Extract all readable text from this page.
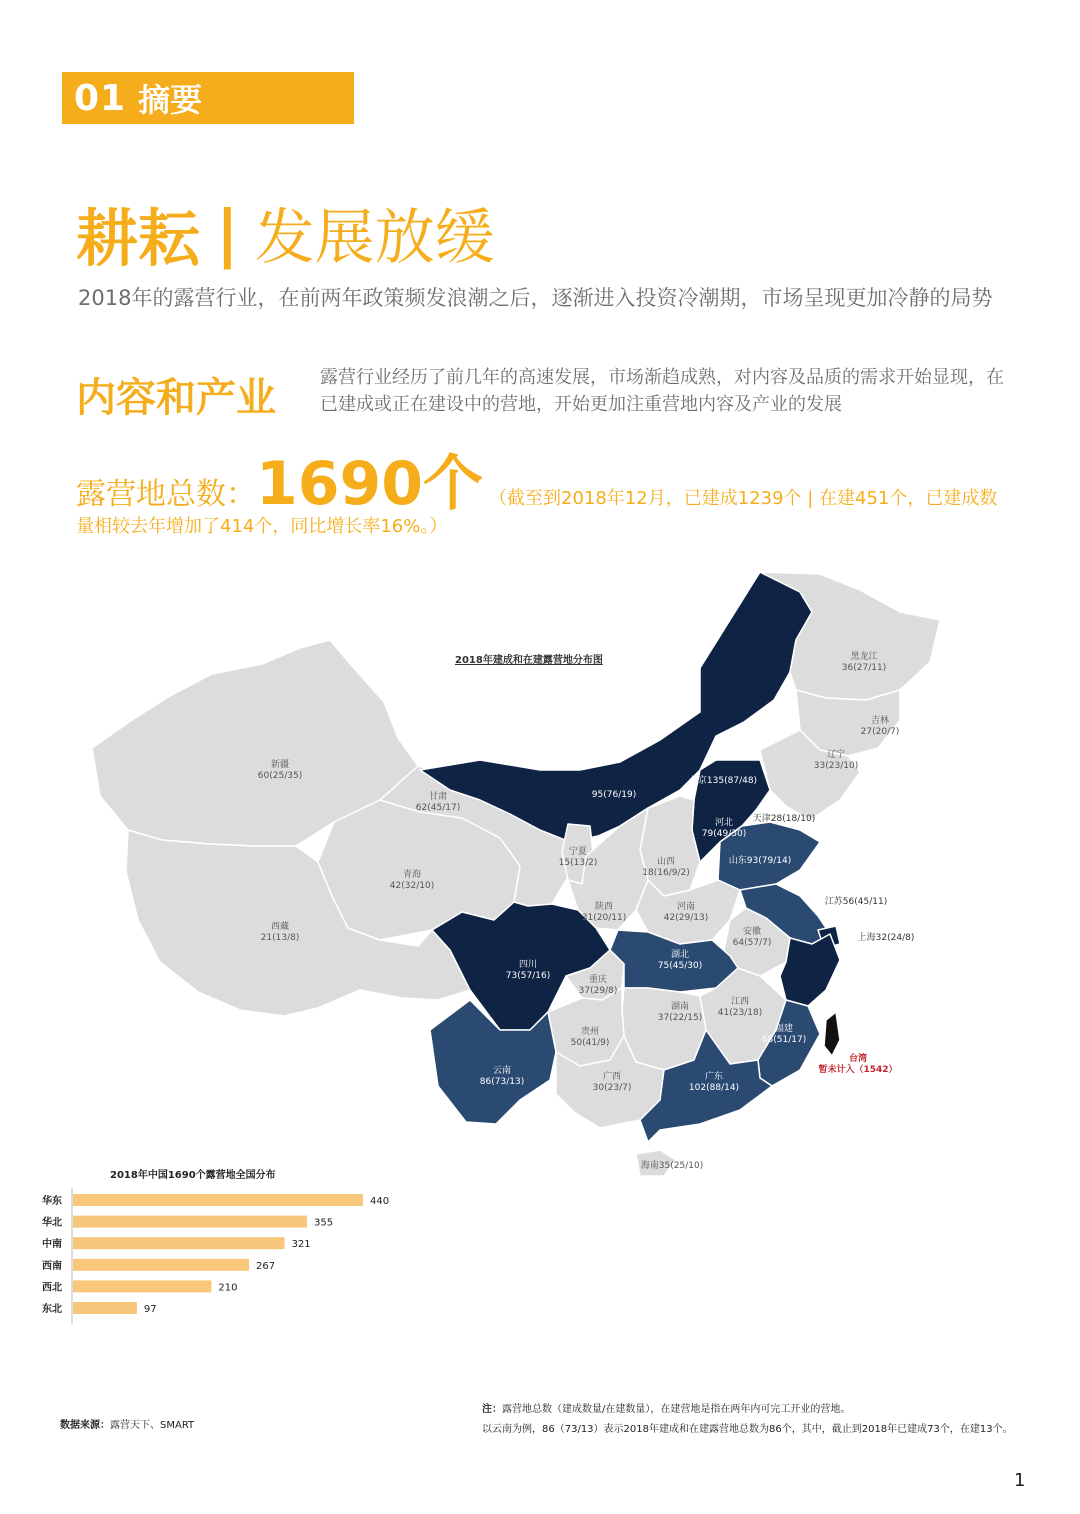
01 摘要
耕耘 | 发展放缓
2018年的露营行业，在前两年政策频发浪潮之后，逐渐进入投资冷潮期，市场呈现更加冷静的局势
内容和产业 露营行业经历了前几年的高速发展，市场渐趋成熟，对内容及品质的需求开始显现，在已建成或正在建设中的营地，开始更加注重营地内容及产业的发展
露营地总数：1690个 （截至到2018年12月，已建成1239个 | 在建451个，已建成数
量相较去年增加了414个，同比增长率16%。）
2018年建成和在建露营地分布图
新疆
60(25/35)
西藏
21(13/8)
青海
42(32/10)
甘肃
62(45/17)
95(76/19)
黑龙江
36(27/11)
吉林
27(20/7)
辽宁
33(23/10)
北京135(87/48)
天津28(18/10)
河北
79(49/30)
山东93(79/14)
宁夏
15(13/2)	山西
18(16/9/2)
陕西
31(20/11)
河南
42(29/13)
江苏56(45/11)
上海32(24/8)
安徽
64(57/7)
四川
73(57/16)
湖北
75(45/30)
浙江
86(65/21)
重庆
37(29/8)
湖南
37(22/15)
江西
41(23/18)
贵州
50(41/9)
福建
68(51/17)
云南
86(73/13)	广西
30(23/7)
广东
102(88/14)
海南35(25/10)
台湾
暂未计入（1542）
2018年中国1690个露营地全国分布
华东	440
华北	355
中南	321
西南	267
西北	210
东北	97
数据来源：露营天下、SMART
注：露营地总数（建成数量/在建数量），在建营地是指在两年内可完工开业的营地。
以云南为例，86（73/13）表示2018年建成和在建露营地总数为86个，其中，截止到2018年已建成73个，在建13个。
1
